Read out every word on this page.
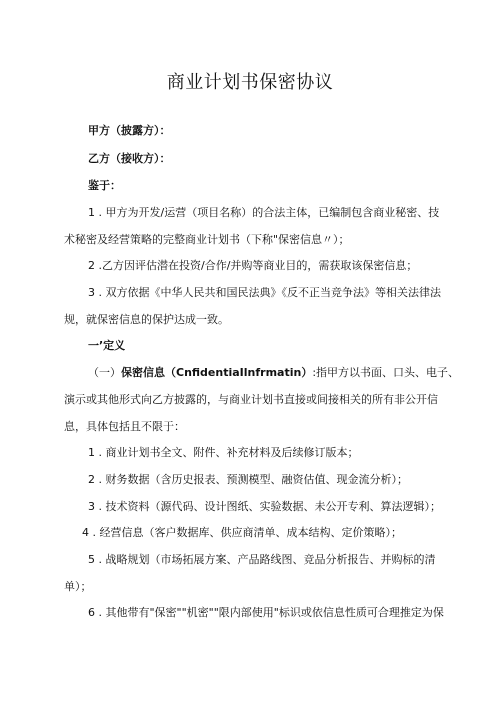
商业计划书保密协议
甲方（披露方）：
乙方（接收方）：
鉴于：
1 . 甲方为开发/运营（项目名称）的合法主体，已编制包含商业秘密、技
术秘密及经营策略的完整商业计划书（下称"保密信息〃）；
2 .乙方因评估潜在投资/合作/并购等商业目的，需获取该保密信息；
3 . 双方依据《中华人民共和国民法典》《反不正当竞争法》等相关法律法
规，就保密信息的保护达成一致。
一’定义
（一）保密信息（CnfidentiaIlnfrmatin）:指甲方以书面、口头、电子、
演示或其他形式向乙方披露的，与商业计划书直接或间接相关的所有非公开信
息，具体包括且不限于：
1 . 商业计划书全文、附件、补充材料及后续修订版本；
2 . 财务数据（含历史报表、预测模型、融资估值、现金流分析）；
3 . 技术资料（源代码、设计图纸、实验数据、未公开专利、算法逻辑）；
4 . 经营信息（客户数据库、供应商清单、成本结构、定价策略）；
5 . 战略规划（市场拓展方案、产品路线图、竞品分析报告、并购标的清
单）；
6 . 其他带有"保密""机密""限内部使用"标识或依信息性质可合理推定为保
